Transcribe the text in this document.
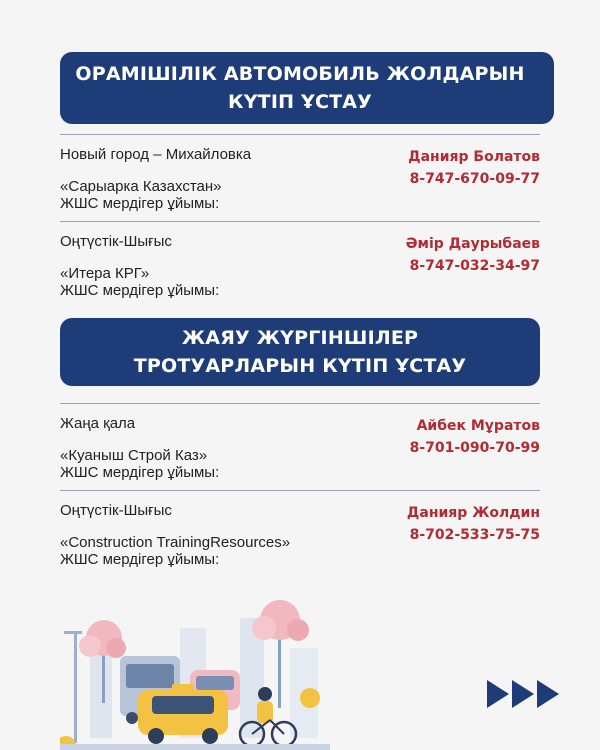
ОРАМІШІЛІК АВТОМОБИЛЬ ЖОЛДАРЫН
КҮТІП ҰСТАУ
Новый город – Михайловка
«Сарыарка Казахстан»
ЖШС мердігер ұйымы:
Данияр Болатов
8-747-670-09-77
Оңтүстік-Шығыс
«Итера КРГ»
ЖШС мердігер ұйымы:
Әмір Даурыбаев
8-747-032-34-97
ЖАЯУ ЖҮРГІНШІЛЕР
ТРОТУАРЛАРЫН КҮТІП ҰСТАУ
Жаңа қала
«Куаныш Строй Каз»
ЖШС мердігер ұйымы:
Айбек Мұратов
8-701-090-70-99
Оңтүстік-Шығыс
«Construction TrainingResources»
ЖШС мердігер ұйымы:
Данияр Жолдин
8-702-533-75-75
